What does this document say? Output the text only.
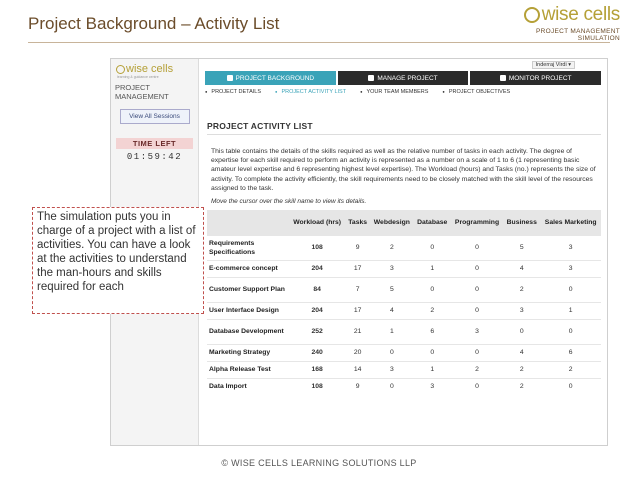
Project Background – Activity List	wise cells
PROJECT MANAGEMENT SIMULATION
wise cells
learning & guidance centre
PROJECT MANAGEMENT
View All Sessions
TIME LEFT
01:59:42
Inderraj Virdi ▾
PROJECT BACKGROUND	MANAGE PROJECT	MONITOR PROJECT
● PROJECT DETAILS	● PROJECT ACTIVITY LIST	● YOUR TEAM MEMBERS	● PROJECT OBJECTIVES
PROJECT ACTIVITY LIST
This table contains the details of the skills required as well as the relative number of tasks in each activity. The degree of expertise for each skill required to perform an activity is represented as a number on a scale of 1 to 6 (1 representing basic amateur level expertise and 6 representing highest level expertise). The Workload (hours) and Tasks (no.) represents the size of activity. To complete the activity efficiently, the skill requirements need to be closely matched with the skill level of the resources assigned to the task.
Move the cursor over the skill name to view its details.
	Workload (hrs)	Tasks	Webdesign	Database	Programming	Business	Sales Marketing
Requirements Specifications	108	9	2	0	0	5	3
E-commerce concept	204	17	3	1	0	4	3
Customer Support Plan	84	7	5	0	0	2	0
User Interface Design	204	17	4	2	0	3	1
Database Development	252	21	1	6	3	0	0
Marketing Strategy	240	20	0	0	0	4	6
Alpha Release Test	168	14	3	1	2	2	2
Data Import	108	9	0	3	0	2	0
The simulation puts you in charge of a project with a list of activities. You can have a look at the activities to understand the man-hours and skills required for each
© WISE CELLS LEARNING SOLUTIONS LLP
